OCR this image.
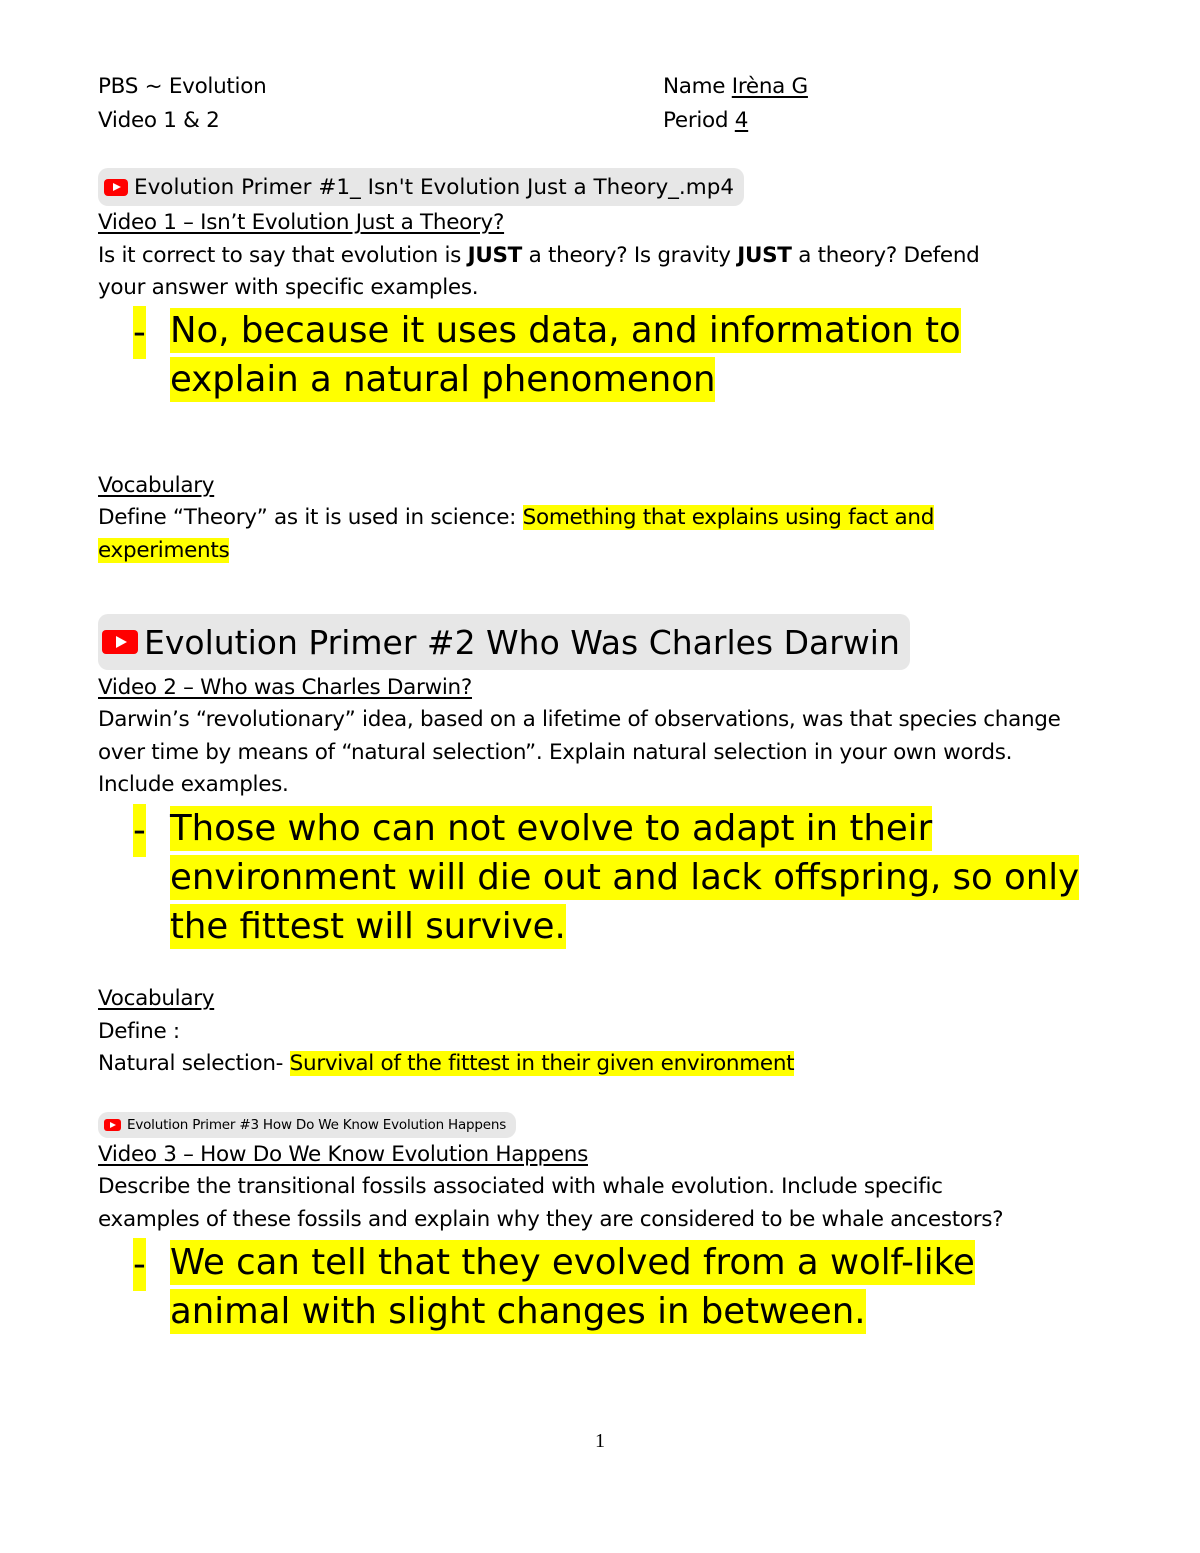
PBS ~ Evolution
Video 1 & 2
Name Irèna G
Period 4
Evolution Primer #1_ Isn't Evolution Just a Theory_.mp4
Video 1 – Isn’t Evolution Just a Theory?
Is it correct to say that evolution is JUST a theory? Is gravity JUST a theory? Defend
your answer with specific examples.
- No, because it uses data, and information to explain a natural phenomenon
Vocabulary
Define “Theory” as it is used in science: Something that explains using fact and
experiments
Evolution Primer #2 Who Was Charles Darwin
Video 2 – Who was Charles Darwin?
Darwin’s “revolutionary” idea, based on a lifetime of observations, was that species change
over time by means of “natural selection”. Explain natural selection in your own words.
Include examples.
- Those who can not evolve to adapt in their environment will die out and lack offspring, so only the fittest will survive.
Vocabulary
Define :
Natural selection- Survival of the fittest in their given environment
Evolution Primer #3 How Do We Know Evolution Happens
Video 3 – How Do We Know Evolution Happens
Describe the transitional fossils associated with whale evolution. Include specific
examples of these fossils and explain why they are considered to be whale ancestors?
- We can tell that they evolved from a wolf-like animal with slight changes in between.
1
